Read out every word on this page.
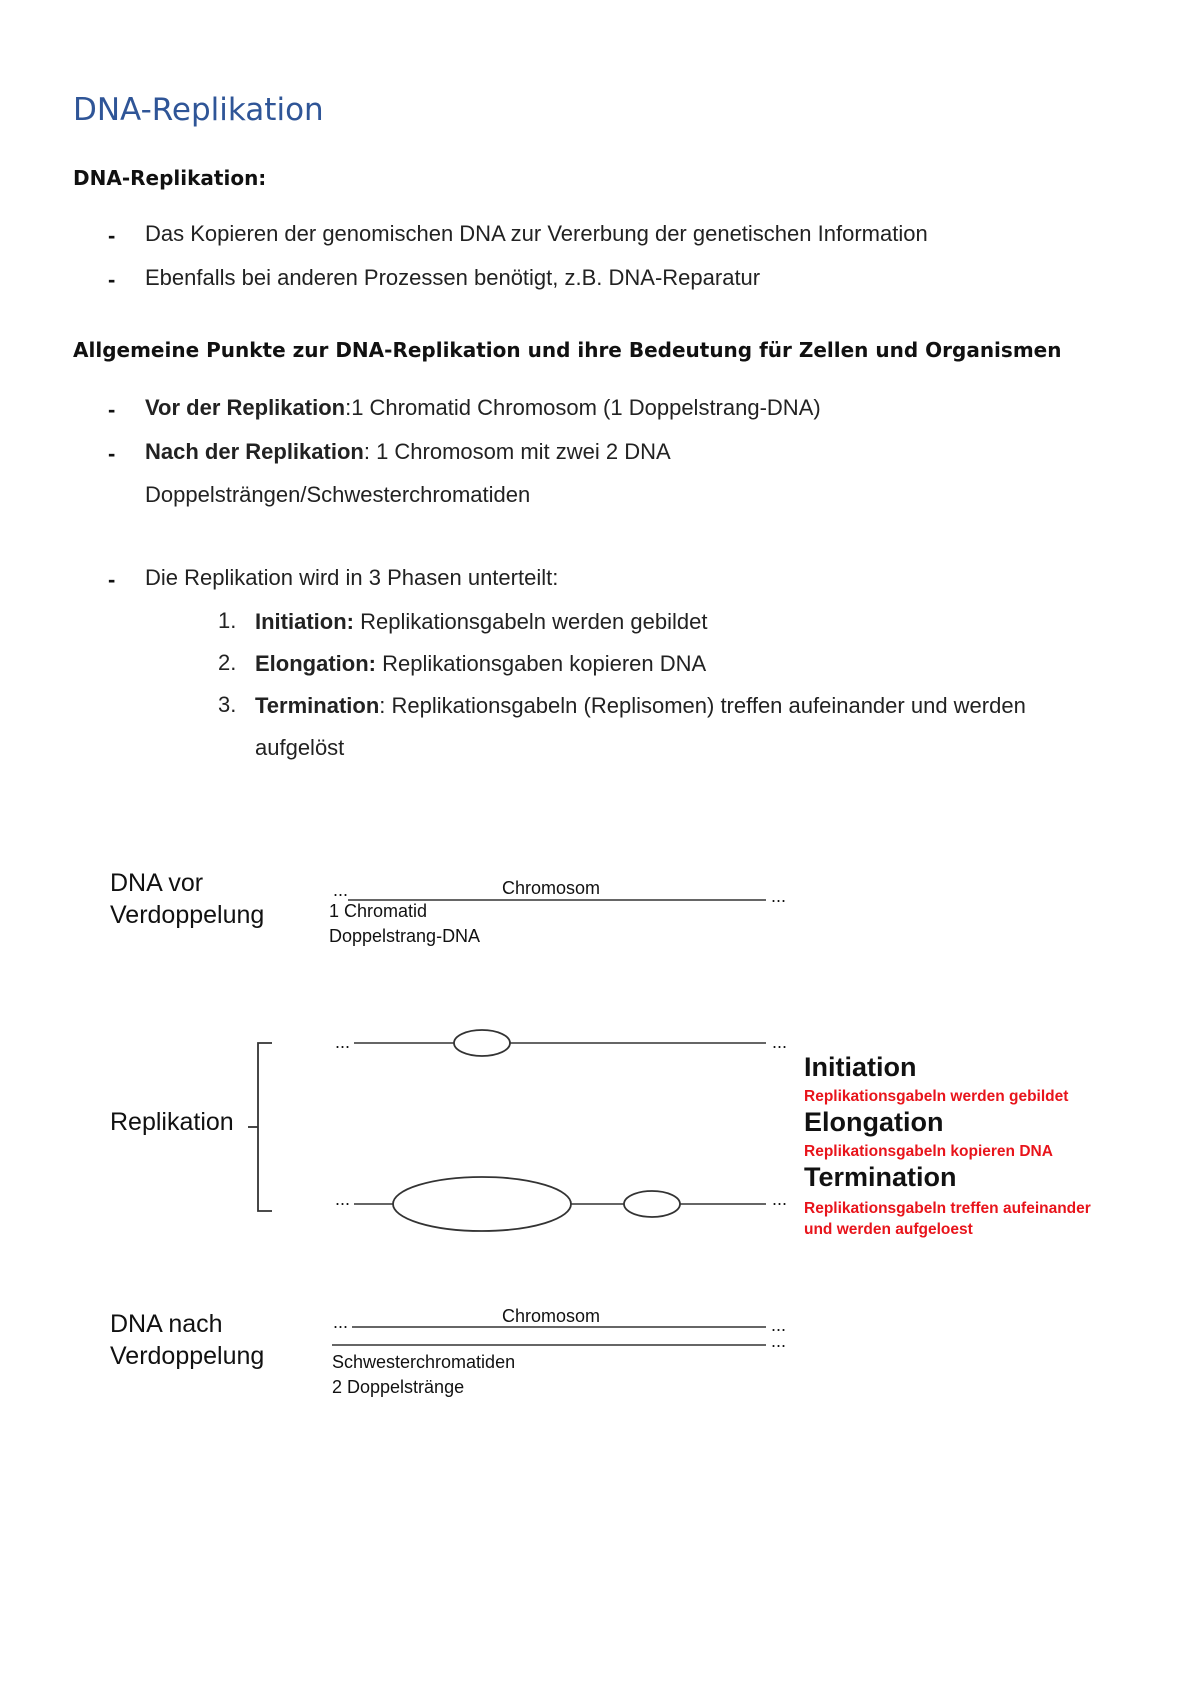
DNA-Replikation
DNA-Replikation:
- Das Kopieren der genomischen DNA zur Vererbung der genetischen Information
- Ebenfalls bei anderen Prozessen benötigt, z.B. DNA-Reparatur
Allgemeine Punkte zur DNA-Replikation und ihre Bedeutung für Zellen und Organismen
- Vor der Replikation:1 Chromatid Chromosom (1 Doppelstrang-DNA)
- Nach der Replikation: 1 Chromosom mit zwei 2 DNA
Doppelsträngen/Schwesterchromatiden
- Die Replikation wird in 3 Phasen unterteilt:
1. Initiation: Replikationsgabeln werden gebildet
2. Elongation: Replikationsgaben kopieren DNA
3. Termination: Replikationsgabeln (Replisomen) treffen aufeinander und werden
aufgelöst
DNA vor
Verdoppelung
Replikation
DNA nach
Verdoppelung
Chromosom
1 Chromatid
Doppelstrang-DNA
Chromosom
Schwesterchromatiden
2 Doppelstränge
...	...
...	...
...	...
...	...
...
Initiation
Replikationsgabeln werden gebildet
Elongation
Replikationsgabeln kopieren DNA
Termination
Replikationsgabeln treffen aufeinander
und werden aufgeloest
